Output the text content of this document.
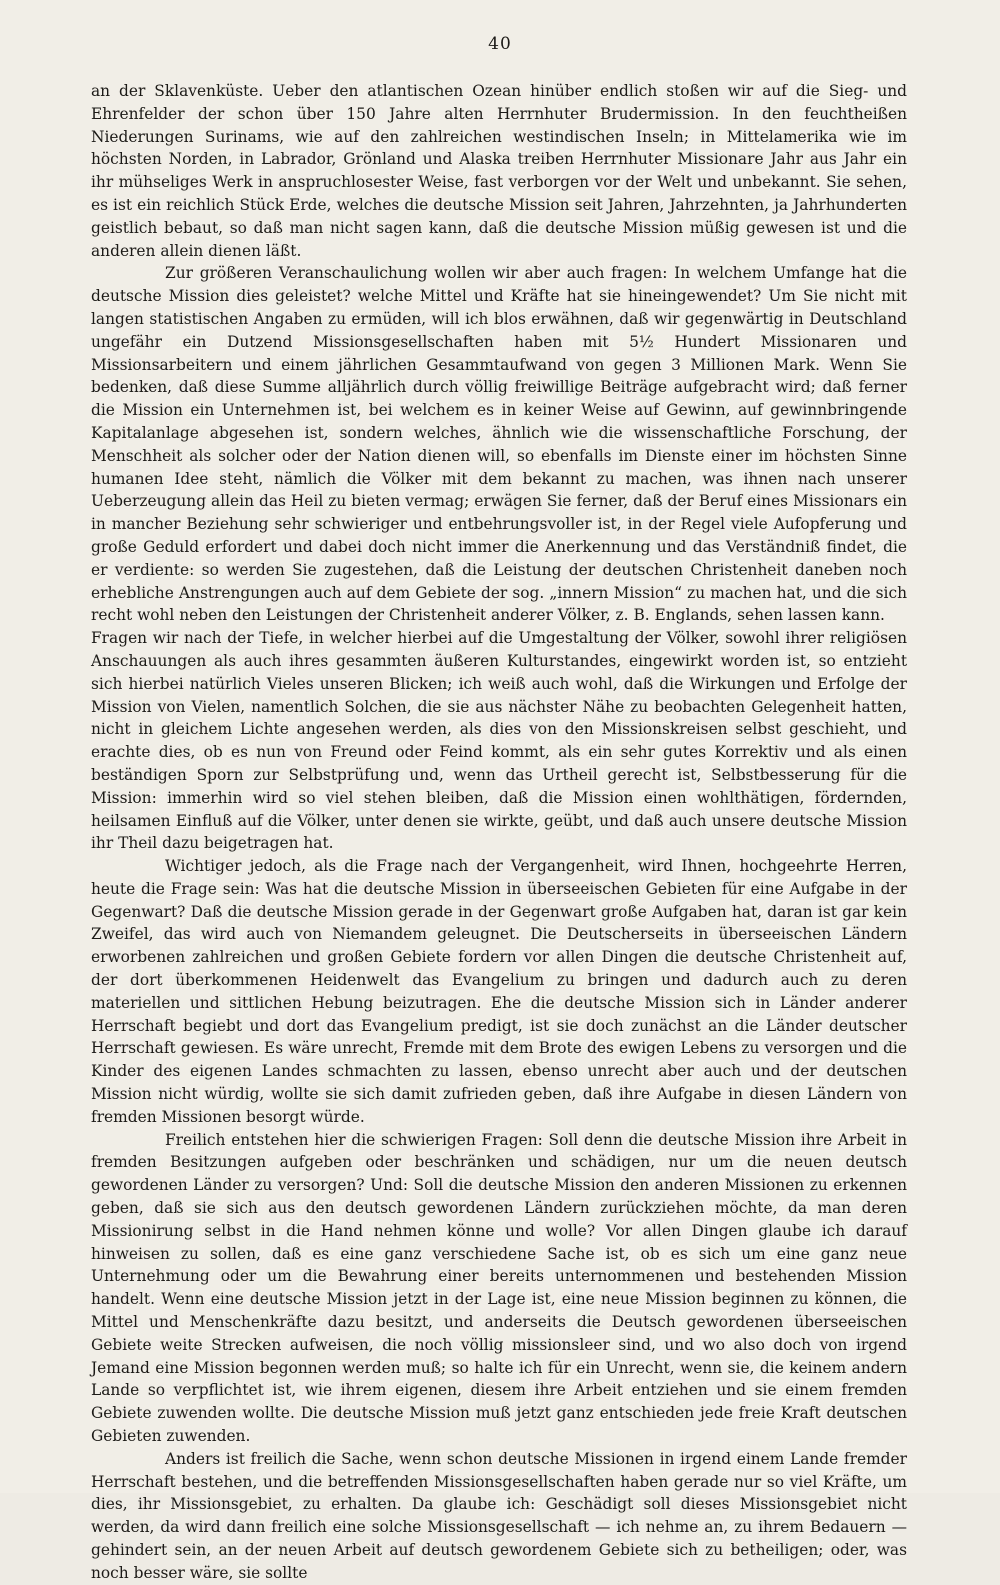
40

an der Sklavenküste. Ueber den atlantischen Ozean hinüber endlich stoßen wir auf die Sieg- und Ehrenfelder der schon über 150 Jahre alten Herrnhuter Brudermission. In den feuchtheißen Niederungen Surinams, wie auf den zahlreichen westindischen Inseln; in Mittelamerika wie im höchsten Norden, in Labrador, Grönland und Alaska treiben Herrnhuter Missionare Jahr aus Jahr ein ihr mühseliges Werk in anspruchlosester Weise, fast verborgen vor der Welt und unbekannt. Sie sehen, es ist ein reichlich Stück Erde, welches die deutsche Mission seit Jahren, Jahrzehnten, ja Jahrhunderten geistlich bebaut, so daß man nicht sagen kann, daß die deutsche Mission müßig gewesen ist und die anderen allein dienen läßt.

Zur größeren Veranschaulichung wollen wir aber auch fragen: In welchem Umfange hat die deutsche Mission dies geleistet? welche Mittel und Kräfte hat sie hineingewendet? Um Sie nicht mit langen statistischen Angaben zu ermüden, will ich blos erwähnen, daß wir gegenwärtig in Deutschland ungefähr ein Dutzend Missionsgesellschaften haben mit 5½ Hundert Missionaren und Missionsarbeitern und einem jährlichen Gesammtaufwand von gegen 3 Millionen Mark. Wenn Sie bedenken, daß diese Summe alljährlich durch völlig freiwillige Beiträge aufgebracht wird; daß ferner die Mission ein Unternehmen ist, bei welchem es in keiner Weise auf Gewinn, auf gewinnbringende Kapitalanlage abgesehen ist, sondern welches, ähnlich wie die wissenschaftliche Forschung, der Menschheit als solcher oder der Nation dienen will, so ebenfalls im Dienste einer im höchsten Sinne humanen Idee steht, nämlich die Völker mit dem bekannt zu machen, was ihnen nach unserer Ueberzeugung allein das Heil zu bieten vermag; erwägen Sie ferner, daß der Beruf eines Missionars ein in mancher Beziehung sehr schwieriger und entbehrungsvoller ist, in der Regel viele Aufopferung und große Geduld erfordert und dabei doch nicht immer die Anerkennung und das Verständniß findet, die er verdiente: so werden Sie zugestehen, daß die Leistung der deutschen Christenheit daneben noch erhebliche Anstrengungen auch auf dem Gebiete der sog. „innern Mission“ zu machen hat, und die sich recht wohl neben den Leistungen der Christenheit anderer Völker, z. B. Englands, sehen lassen kann.

Fragen wir nach der Tiefe, in welcher hierbei auf die Umgestaltung der Völker, sowohl ihrer religiösen Anschauungen als auch ihres gesammten äußeren Kulturstandes, eingewirkt worden ist, so entzieht sich hierbei natürlich Vieles unseren Blicken; ich weiß auch wohl, daß die Wirkungen und Erfolge der Mission von Vielen, namentlich Solchen, die sie aus nächster Nähe zu beobachten Gelegenheit hatten, nicht in gleichem Lichte angesehen werden, als dies von den Missionskreisen selbst geschieht, und erachte dies, ob es nun von Freund oder Feind kommt, als ein sehr gutes Korrektiv und als einen beständigen Sporn zur Selbstprüfung und, wenn das Urtheil gerecht ist, Selbstbesserung für die Mission: immerhin wird so viel stehen bleiben, daß die Mission einen wohlthätigen, fördernden, heilsamen Einfluß auf die Völker, unter denen sie wirkte, geübt, und daß auch unsere deutsche Mission ihr Theil dazu beigetragen hat.

Wichtiger jedoch, als die Frage nach der Vergangenheit, wird Ihnen, hochgeehrte Herren, heute die Frage sein: Was hat die deutsche Mission in überseeischen Gebieten für eine Aufgabe in der Gegenwart? Daß die deutsche Mission gerade in der Gegenwart große Aufgaben hat, daran ist gar kein Zweifel, das wird auch von Niemandem geleugnet. Die Deutscherseits in überseeischen Ländern erworbenen zahlreichen und großen Gebiete fordern vor allen Dingen die deutsche Christenheit auf, der dort überkommenen Heidenwelt das Evangelium zu bringen und dadurch auch zu deren materiellen und sittlichen Hebung beizutragen. Ehe die deutsche Mission sich in Länder anderer Herrschaft begiebt und dort das Evangelium predigt, ist sie doch zunächst an die Länder deutscher Herrschaft gewiesen. Es wäre unrecht, Fremde mit dem Brote des ewigen Lebens zu versorgen und die Kinder des eigenen Landes schmachten zu lassen, ebenso unrecht aber auch und der deutschen Mission nicht würdig, wollte sie sich damit zufrieden geben, daß ihre Aufgabe in diesen Ländern von fremden Missionen besorgt würde.

Freilich entstehen hier die schwierigen Fragen: Soll denn die deutsche Mission ihre Arbeit in fremden Besitzungen aufgeben oder beschränken und schädigen, nur um die neuen deutsch gewordenen Länder zu versorgen? Und: Soll die deutsche Mission den anderen Missionen zu erkennen geben, daß sie sich aus den deutsch gewordenen Ländern zurückziehen möchte, da man deren Missionirung selbst in die Hand nehmen könne und wolle? Vor allen Dingen glaube ich darauf hinweisen zu sollen, daß es eine ganz verschiedene Sache ist, ob es sich um eine ganz neue Unternehmung oder um die Bewahrung einer bereits unternommenen und bestehenden Mission handelt. Wenn eine deutsche Mission jetzt in der Lage ist, eine neue Mission beginnen zu können, die Mittel und Menschenkräfte dazu besitzt, und anderseits die Deutsch gewordenen überseeischen Gebiete weite Strecken aufweisen, die noch völlig missionsleer sind, und wo also doch von irgend Jemand eine Mission begonnen werden muß; so halte ich für ein Unrecht, wenn sie, die keinem andern Lande so verpflichtet ist, wie ihrem eigenen, diesem ihre Arbeit entziehen und sie einem fremden Gebiete zuwenden wollte. Die deutsche Mission muß jetzt ganz entschieden jede freie Kraft deutschen Gebieten zuwenden.

Anders ist freilich die Sache, wenn schon deutsche Missionen in irgend einem Lande fremder Herrschaft bestehen, und die betreffenden Missionsgesellschaften haben gerade nur so viel Kräfte, um dies, ihr Missionsgebiet, zu erhalten. Da glaube ich: Geschädigt soll dieses Missionsgebiet nicht werden, da wird dann freilich eine solche Missionsgesellschaft — ich nehme an, zu ihrem Bedauern — gehindert sein, an der neuen Arbeit auf deutsch gewordenem Gebiete sich zu betheiligen; oder, was noch besser wäre, sie sollte
